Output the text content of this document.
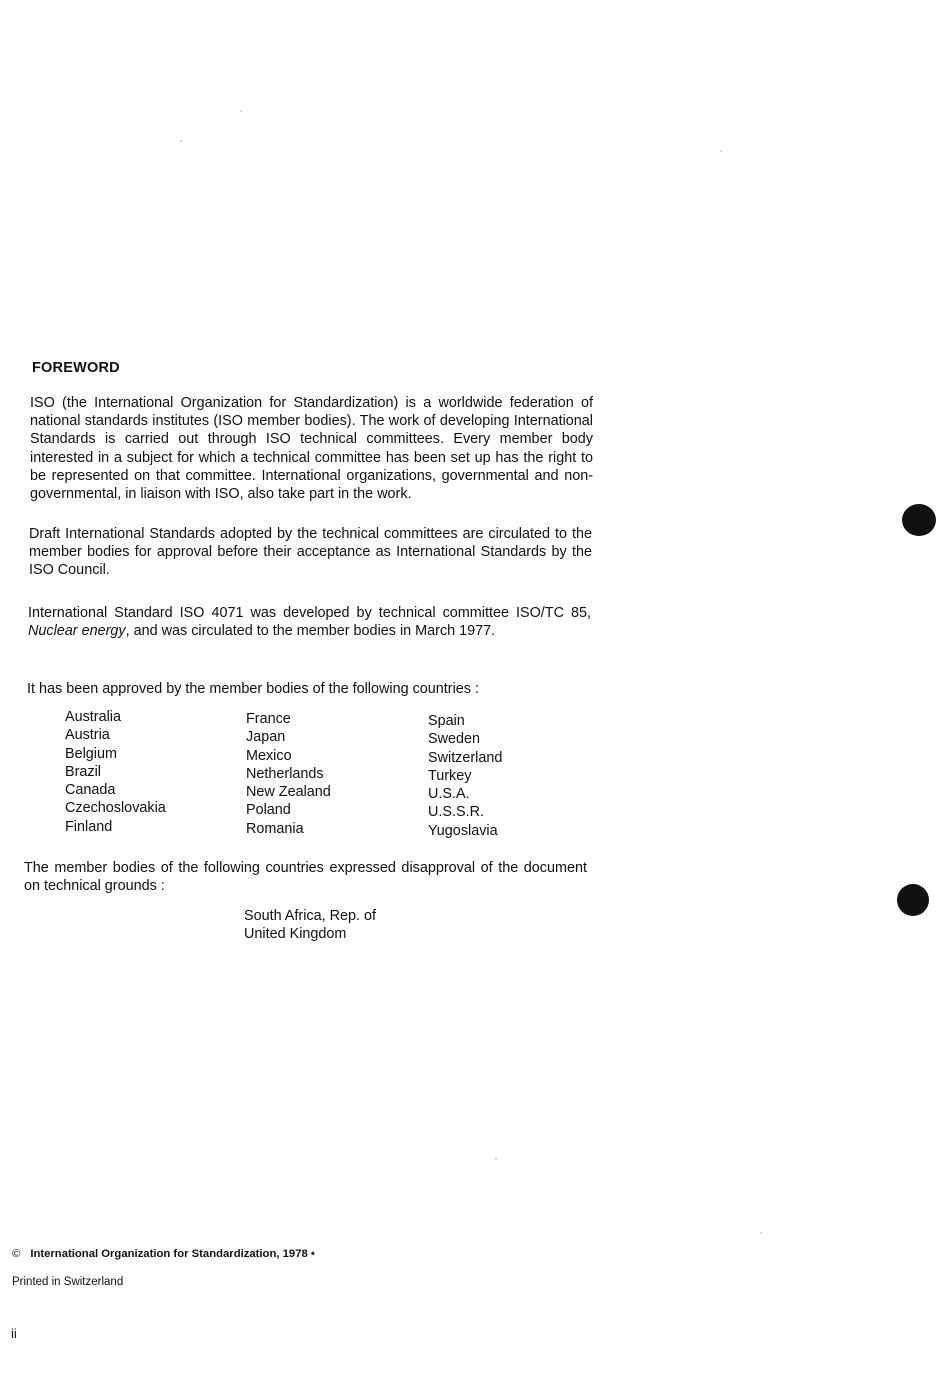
FOREWORD

ISO (the International Organization for Standardization) is a worldwide federation of national standards institutes (ISO member bodies). The work of developing International Standards is carried out through ISO technical committees. Every member body interested in a subject for which a technical committee has been set up has the right to be represented on that committee. International organizations, governmental and non-governmental, in liaison with ISO, also take part in the work.

Draft International Standards adopted by the technical committees are circulated to the member bodies for approval before their acceptance as International Standards by the ISO Council.

International Standard ISO 4071 was developed by technical committee ISO/TC 85, Nuclear energy, and was circulated to the member bodies in March 1977.

It has been approved by the member bodies of the following countries :

Australia
Austria
Belgium
Brazil
Canada
Czechoslovakia
Finland
France
Japan
Mexico
Netherlands
New Zealand
Poland
Romania
Spain
Sweden
Switzerland
Turkey
U.S.A.
U.S.S.R.
Yugoslavia

The member bodies of the following countries expressed disapproval of the document on technical grounds :

South Africa, Rep. of
United Kingdom
© International Organization for Standardization, 1978 •
Printed in Switzerland
ii
